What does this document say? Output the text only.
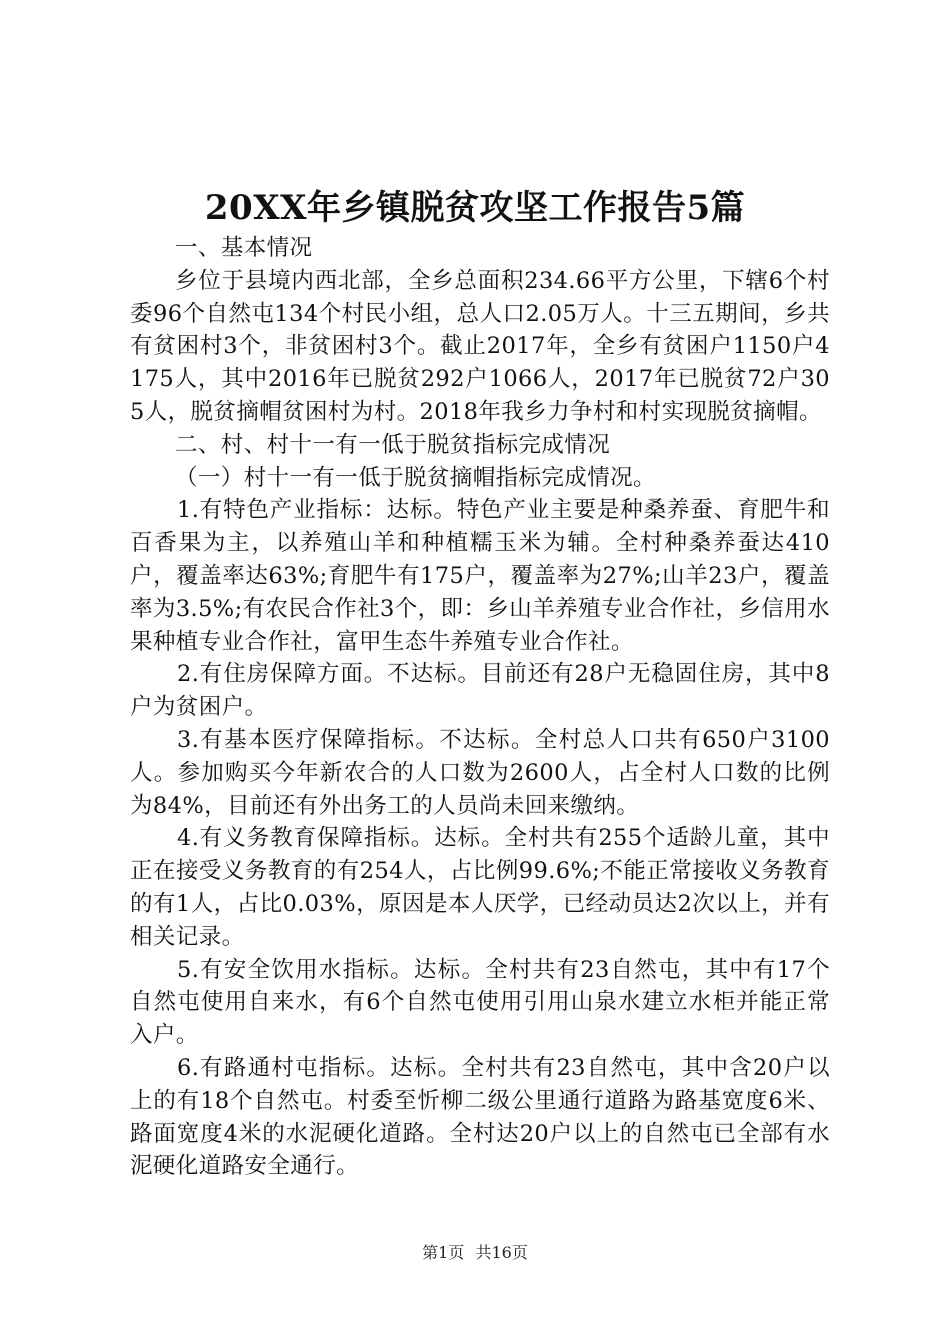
20XX年乡镇脱贫攻坚工作报告5篇

一、基本情况

乡位于县境内西北部，全乡总面积234.66平方公里，下辖6个村委96个自然屯134个村民小组，总人口2.05万人。十三五期间，乡共有贫困村3个，非贫困村3个。截止2017年，全乡有贫困户1150户4175人，其中2016年已脱贫292户1066人，2017年已脱贫72户305人，脱贫摘帽贫困村为村。2018年我乡力争村和村实现脱贫摘帽。

二、村、村十一有一低于脱贫指标完成情况

（一）村十一有一低于脱贫摘帽指标完成情况。

1.有特色产业指标：达标。特色产业主要是种桑养蚕、育肥牛和百香果为主，以养殖山羊和种植糯玉米为辅。全村种桑养蚕达410户，覆盖率达63%;育肥牛有175户，覆盖率为27%;山羊23户，覆盖率为3.5%;有农民合作社3个，即：乡山羊养殖专业合作社，乡信用水果种植专业合作社，富甲生态牛养殖专业合作社。

2.有住房保障方面。不达标。目前还有28户无稳固住房，其中8户为贫困户。

3.有基本医疗保障指标。不达标。全村总人口共有650户3100人。参加购买今年新农合的人口数为2600人，占全村人口数的比例为84%，目前还有外出务工的人员尚未回来缴纳。

4.有义务教育保障指标。达标。全村共有255个适龄儿童，其中正在接受义务教育的有254人，占比例99.6%;不能正常接收义务教育的有1人，占比0.03%，原因是本人厌学，已经动员达2次以上，并有相关记录。

5.有安全饮用水指标。达标。全村共有23自然屯，其中有17个自然屯使用自来水，有6个自然屯使用引用山泉水建立水柜并能正常入户。

6.有路通村屯指标。达标。全村共有23自然屯，其中含20户以上的有18个自然屯。村委至忻柳二级公里通行道路为路基宽度6米、路面宽度4米的水泥硬化道路。全村达20户以上的自然屯已全部有水泥硬化道路安全通行。

第1页 共16页
